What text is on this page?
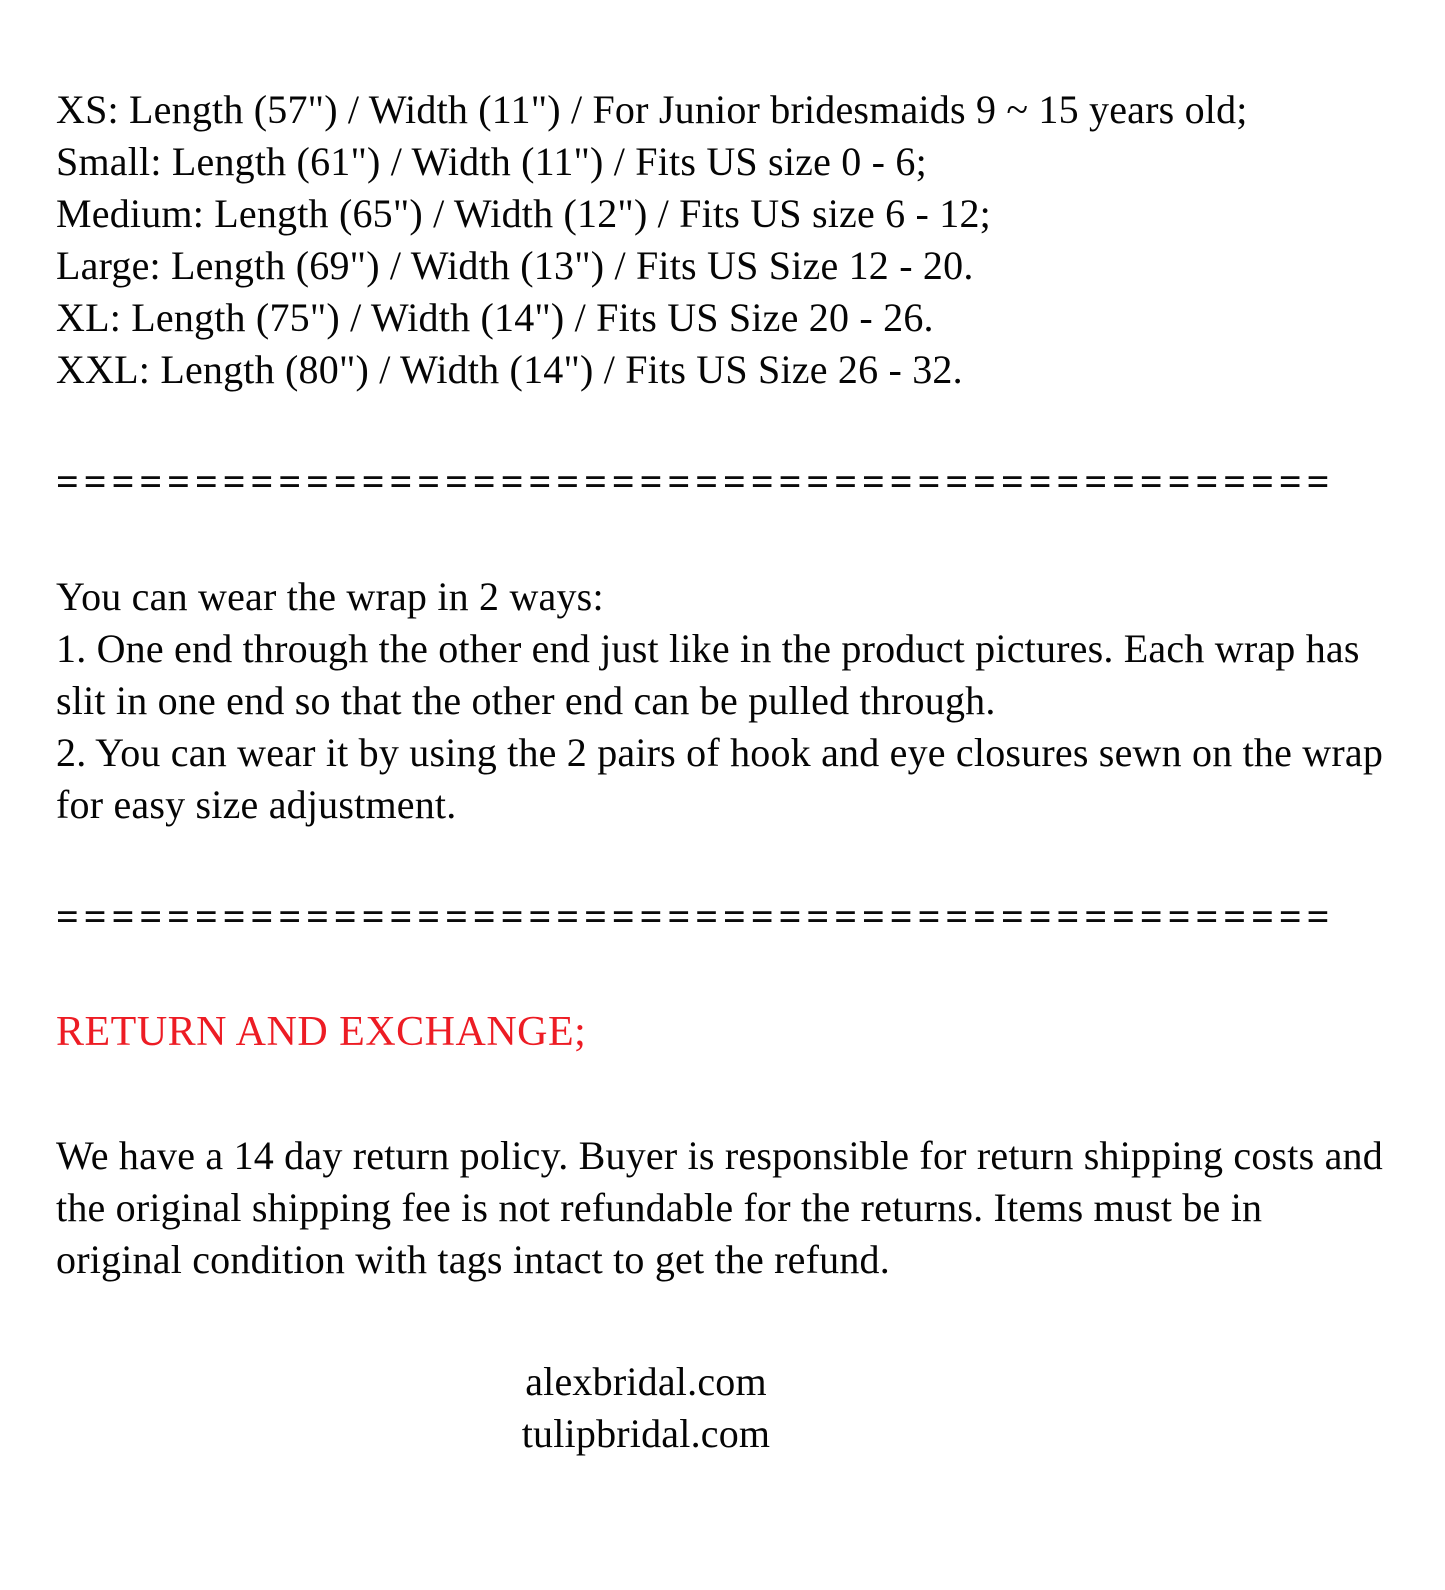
XS: Length (57") / Width (11") / For Junior bridesmaids 9 ~ 15 years old;
Small: Length (61") / Width (11") / Fits US size 0 - 6;
Medium: Length (65") / Width (12") / Fits US size 6 - 12;
Large: Length (69") / Width (13") / Fits US Size 12 - 20.
XL: Length (75") / Width (14") / Fits US Size 20 - 26.
XXL: Length (80") / Width (14") / Fits US Size 26 - 32.
==============================================
You can wear the wrap in 2 ways:
1. One end through the other end just like in the product pictures. Each wrap has slit in one end so that the other end can be pulled through.
2. You can wear it by using the 2 pairs of hook and eye closures sewn on the wrap for easy size adjustment.
==============================================
RETURN AND EXCHANGE;
We have a 14 day return policy. Buyer is responsible for return shipping costs and the original shipping fee is not refundable for the returns. Items must be in original condition with tags intact to get the refund.
alexbridal.com
tulipbridal.com
